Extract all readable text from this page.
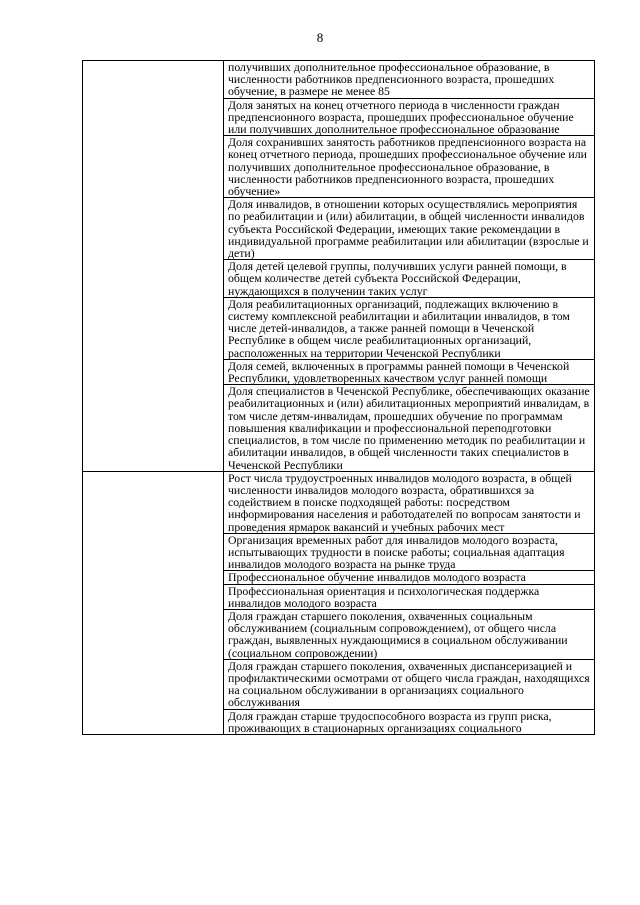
8
	получивших дополнительное профессиональное образование, в численности работников предпенсионного возраста, прошедших обучение, в размере не менее 85
	Доля занятых на конец отчетного периода в численности граждан предпенсионного возраста, прошедших профессиональное обучение или получивших дополнительное профессиональное образование
	Доля сохранивших занятость работников предпенсионного возраста на конец отчетного периода, прошедших профессиональное обучение или получивших дополнительное профессиональное образование, в численности работников предпенсионного возраста, прошедших обучение»
	Доля инвалидов, в отношении которых осуществлялись мероприятия по реабилитации и (или) абилитации, в общей численности инвалидов субъекта Российской Федерации, имеющих такие рекомендации в индивидуальной программе реабилитации или абилитации (взрослые и дети)
	Доля детей целевой группы, получивших услуги ранней помощи, в общем количестве детей субъекта Российской Федерации, нуждающихся в получении таких услуг
	Доля реабилитационных организаций, подлежащих включению в систему комплексной реабилитации и абилитации инвалидов, в том числе детей-инвалидов, а также ранней помощи в Чеченской Республике в общем числе реабилитационных организаций, расположенных на территории Чеченской Республики
	Доля семей, включенных в программы ранней помощи в Чеченской Республики, удовлетворенных качеством услуг ранней помощи
	Доля специалистов в Чеченской Республике, обеспечивающих оказание реабилитационных и (или) абилитационных мероприятий инвалидам, в том числе детям-инвалидам, прошедших обучение по программам повышения квалификации и профессиональной переподготовки специалистов, в том числе по применению методик по реабилитации и абилитации инвалидов, в общей численности таких специалистов в Чеченской Республики
	Рост числа трудоустроенных инвалидов молодого возраста, в общей численности инвалидов молодого возраста, обратившихся за содействием в поиске подходящей работы: посредством информирования населения и работодателей по вопросам занятости и проведения ярмарок вакансий и учебных рабочих мест
	Организация временных работ для инвалидов молодого возраста, испытывающих трудности в поиске работы; социальная адаптация инвалидов молодого возраста на рынке труда
	Профессиональное обучение инвалидов молодого возраста
	Профессиональная ориентация и психологическая поддержка инвалидов молодого возраста
	Доля граждан старшего поколения, охваченных социальным обслуживанием (социальным сопровождением), от общего числа граждан, выявленных нуждающимися в социальном обслуживании (социальном сопровождении)
	Доля граждан старшего поколения, охваченных диспансеризацией и профилактическими осмотрами от общего числа граждан, находящихся на социальном обслуживании в организациях социального обслуживания
	Доля граждан старше трудоспособного возраста из групп риска, проживающих в стационарных организациях социального
